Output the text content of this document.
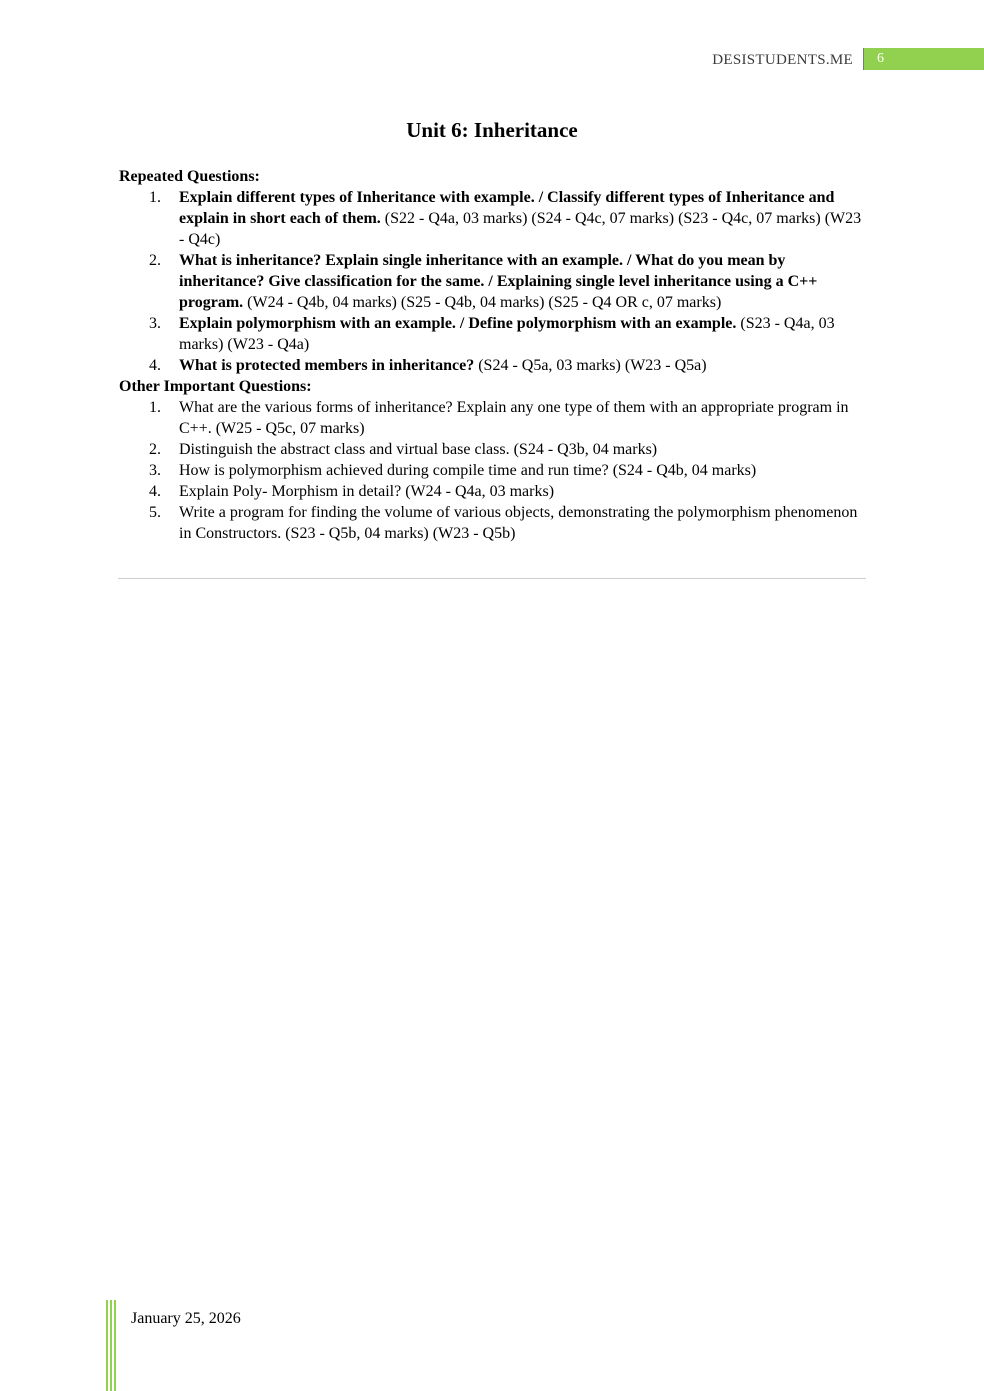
DESISTUDENTS.ME	6
Unit 6: Inheritance

Repeated Questions:

1. Explain different types of Inheritance with example. / Classify different types of Inheritance and explain in short each of them. (S22 - Q4a, 03 marks) (S24 - Q4c, 07 marks) (S23 - Q4c, 07 marks) (W23 - Q4c)
2. What is inheritance? Explain single inheritance with an example. / What do you mean by inheritance? Give classification for the same. / Explaining single level inheritance using a C++ program. (W24 - Q4b, 04 marks) (S25 - Q4b, 04 marks) (S25 - Q4 OR c, 07 marks)
3. Explain polymorphism with an example. / Define polymorphism with an example. (S23 - Q4a, 03 marks) (W23 - Q4a)
4. What is protected members in inheritance? (S24 - Q5a, 03 marks) (W23 - Q5a)

Other Important Questions:

1. What are the various forms of inheritance? Explain any one type of them with an appropriate program in C++. (W25 - Q5c, 07 marks)
2. Distinguish the abstract class and virtual base class. (S24 - Q3b, 04 marks)
3. How is polymorphism achieved during compile time and run time? (S24 - Q4b, 04 marks)
4. Explain Poly- Morphism in detail? (W24 - Q4a, 03 marks)
5. Write a program for finding the volume of various objects, demonstrating the polymorphism phenomenon in Constructors. (S23 - Q5b, 04 marks) (W23 - Q5b)
January 25, 2026
